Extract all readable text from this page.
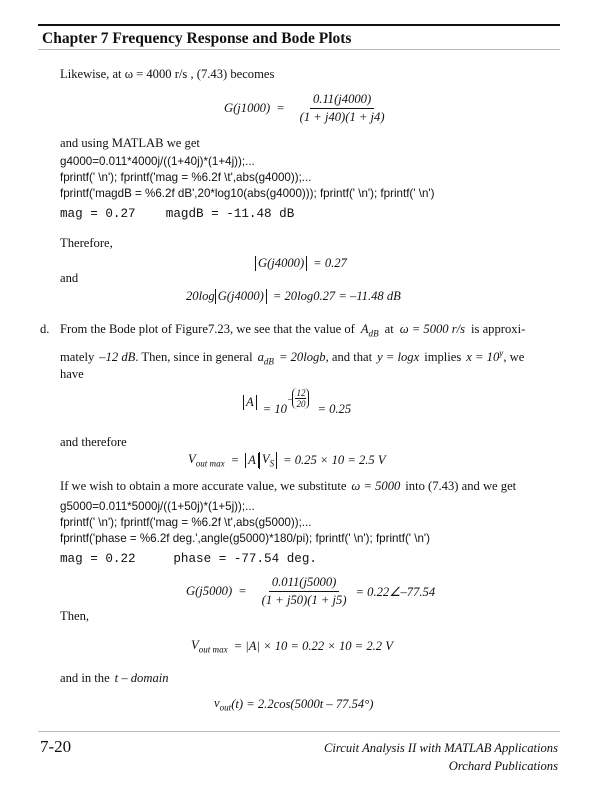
Chapter 7 Frequency Response and Bode Plots
Likewise, at ω = 4000 r/s , (7.43) becomes
$G(j1000) = \frac{0.11(j4000)}{(1 + j40)(1 + j4)}$
and using MATLAB we get
g4000=0.011*4000j/((1+40j)*(1+4j));...
fprintf(' \n'); fprintf('mag = %6.2f \t',abs(g4000));...
fprintf('magdB = %6.2f dB',20*log10(abs(g4000))); fprintf(' \n'); fprintf(' \n')
mag = 0.27    magdB = -11.48 dB
Therefore,
G(j4000) = 0.27
and
20log G(j4000) = 20log0.27 = –11.48 dB
d. From the Bode plot of Figure7.23, we see that the value of $A_{dB}$ at ω = 5000 r/s is approxi-
mately –12 dB . Then, since in general $a_{dB} = 20\log b$ , and that y = logx implies $x = 10^y$ , we
have
A = 10
– $\frac{12}{20} = 0.25$
and therefore
$V_{out max} = A$ $V_S = 0.25 \times 10 = 2.5$ V
If we wish to obtain a more accurate value, we substitute ω = 5000 into (7.43) and we get
g5000=0.011*5000j/((1+50j)*(1+5j));...
fprintf(' \n'); fprintf('mag = %6.2f \t',abs(g5000));...
fprintf('phase = %6.2f deg.',angle(g5000)*180/pi); fprintf(' \n'); fprintf(' \n')
mag = 0.22     phase = -77.54 deg.
$G(j5000) = \frac{0.011(j5000)}{(1 + j50)(1 + j5)}$ = 0.22∠–77.54
Then,
$V_{out max} = |A| \times 10 = 0.22 \times 10 = 2.2$ V
and in the t – domain
$v_{out}$ (t) = 2.2cos(5000t – 77.54°)
7-20	Circuit Analysis II with MATLAB Applications
Orchard Publications
